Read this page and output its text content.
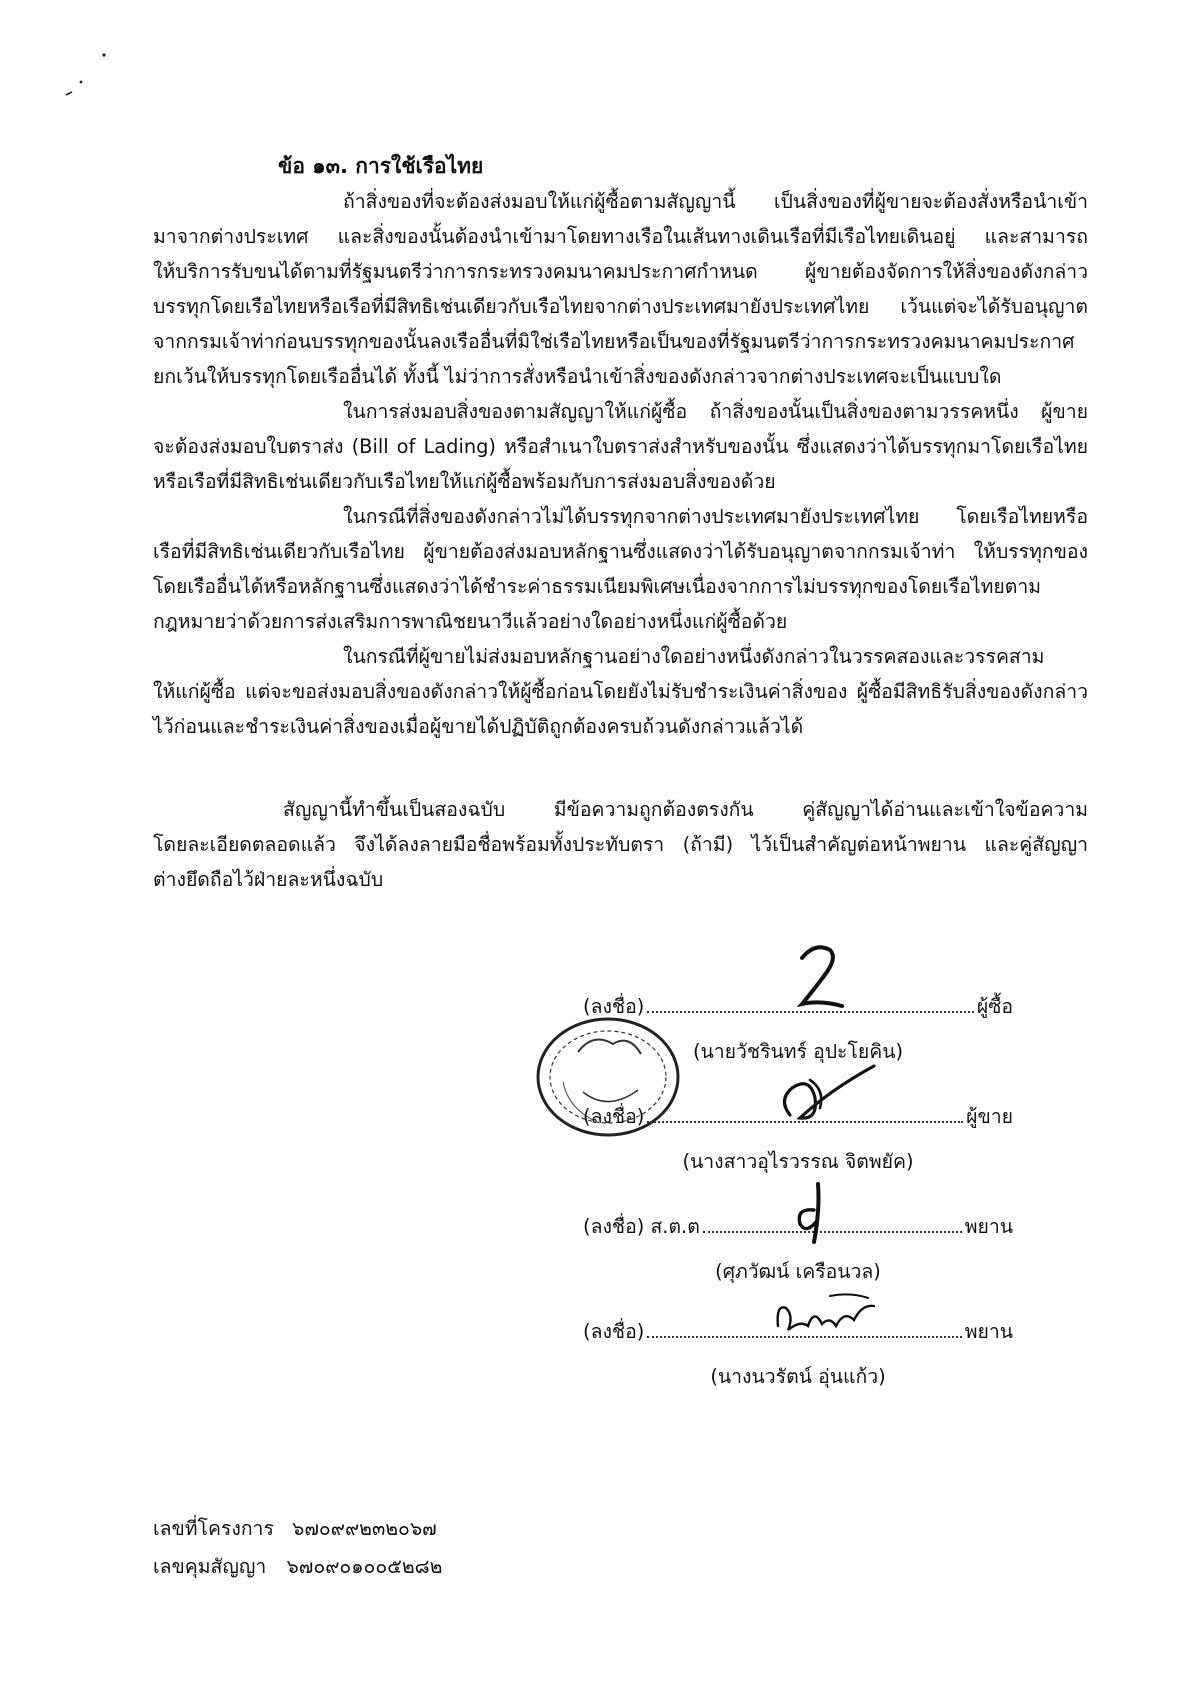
ข้อ ๑๓. การใช้เรือไทย
ถ้าสิ่งของที่จะต้องส่งมอบให้แก่ผู้ซื้อตามสัญญานี้ เป็นสิ่งของที่ผู้ขายจะต้องสั่งหรือนำเข้า
มาจากต่างประเทศ และสิ่งของนั้นต้องนำเข้ามาโดยทางเรือในเส้นทางเดินเรือที่มีเรือไทยเดินอยู่ และสามารถ
ให้บริการรับขนได้ตามที่รัฐมนตรีว่าการกระทรวงคมนาคมประกาศกำหนด ผู้ขายต้องจัดการให้สิ่งของดังกล่าว
บรรทุกโดยเรือไทยหรือเรือที่มีสิทธิเช่นเดียวกับเรือไทยจากต่างประเทศมายังประเทศไทย เว้นแต่จะได้รับอนุญาต
จากกรมเจ้าท่าก่อนบรรทุกของนั้นลงเรืออื่นที่มิใช่เรือไทยหรือเป็นของที่รัฐมนตรีว่าการกระทรวงคมนาคมประกาศ
ยกเว้นให้บรรทุกโดยเรืออื่นได้ ทั้งนี้ ไม่ว่าการสั่งหรือนำเข้าสิ่งของดังกล่าวจากต่างประเทศจะเป็นแบบใด
ในการส่งมอบสิ่งของตามสัญญาให้แก่ผู้ซื้อ ถ้าสิ่งของนั้นเป็นสิ่งของตามวรรคหนึ่ง ผู้ขาย
จะต้องส่งมอบใบตราส่ง (Bill of Lading) หรือสำเนาใบตราส่งสำหรับของนั้น ซึ่งแสดงว่าได้บรรทุกมาโดยเรือไทย
หรือเรือที่มีสิทธิเช่นเดียวกับเรือไทยให้แก่ผู้ซื้อพร้อมกับการส่งมอบสิ่งของด้วย
ในกรณีที่สิ่งของดังกล่าวไม่ได้บรรทุกจากต่างประเทศมายังประเทศไทย โดยเรือไทยหรือ
เรือที่มีสิทธิเช่นเดียวกับเรือไทย ผู้ขายต้องส่งมอบหลักฐานซึ่งแสดงว่าได้รับอนุญาตจากกรมเจ้าท่า ให้บรรทุกของ
โดยเรืออื่นได้หรือหลักฐานซึ่งแสดงว่าได้ชำระค่าธรรมเนียมพิเศษเนื่องจากการไม่บรรทุกของโดยเรือไทยตาม
กฎหมายว่าด้วยการส่งเสริมการพาณิชยนาวีแล้วอย่างใดอย่างหนึ่งแก่ผู้ซื้อด้วย
ในกรณีที่ผู้ขายไม่ส่งมอบหลักฐานอย่างใดอย่างหนึ่งดังกล่าวในวรรคสองและวรรคสาม
ให้แก่ผู้ซื้อ แต่จะขอส่งมอบสิ่งของดังกล่าวให้ผู้ซื้อก่อนโดยยังไม่รับชำระเงินค่าสิ่งของ ผู้ซื้อมีสิทธิรับสิ่งของดังกล่าว
ไว้ก่อนและชำระเงินค่าสิ่งของเมื่อผู้ขายได้ปฏิบัติถูกต้องครบถ้วนดังกล่าวแล้วได้
สัญญานี้ทำขึ้นเป็นสองฉบับ มีข้อความถูกต้องตรงกัน คู่สัญญาได้อ่านและเข้าใจข้อความ
โดยละเอียดตลอดแล้ว จึงได้ลงลายมือชื่อพร้อมทั้งประทับตรา (ถ้ามี) ไว้เป็นสำคัญต่อหน้าพยาน และคู่สัญญา
ต่างยึดถือไว้ฝ่ายละหนึ่งฉบับ
(ลงชื่อ)	ผู้ซื้อ
(นายวัชรินทร์ อุปะโยคิน)
(ลงชื่อ)	ผู้ขาย
(นางสาวอุไรวรรณ จิตพยัค)
(ลงชื่อ) ส.ต.ต	พยาน
(ศุภวัฒน์ เครือนวล)
(ลงชื่อ)	พยาน
(นางนวรัตน์ อุ่นแก้ว)
เลขที่โครงการ ๖๗๐๙๙๒๓๒๐๖๗
เลขคุมสัญญา ๖๗๐๙๐๑๐๐๕๒๘๒
